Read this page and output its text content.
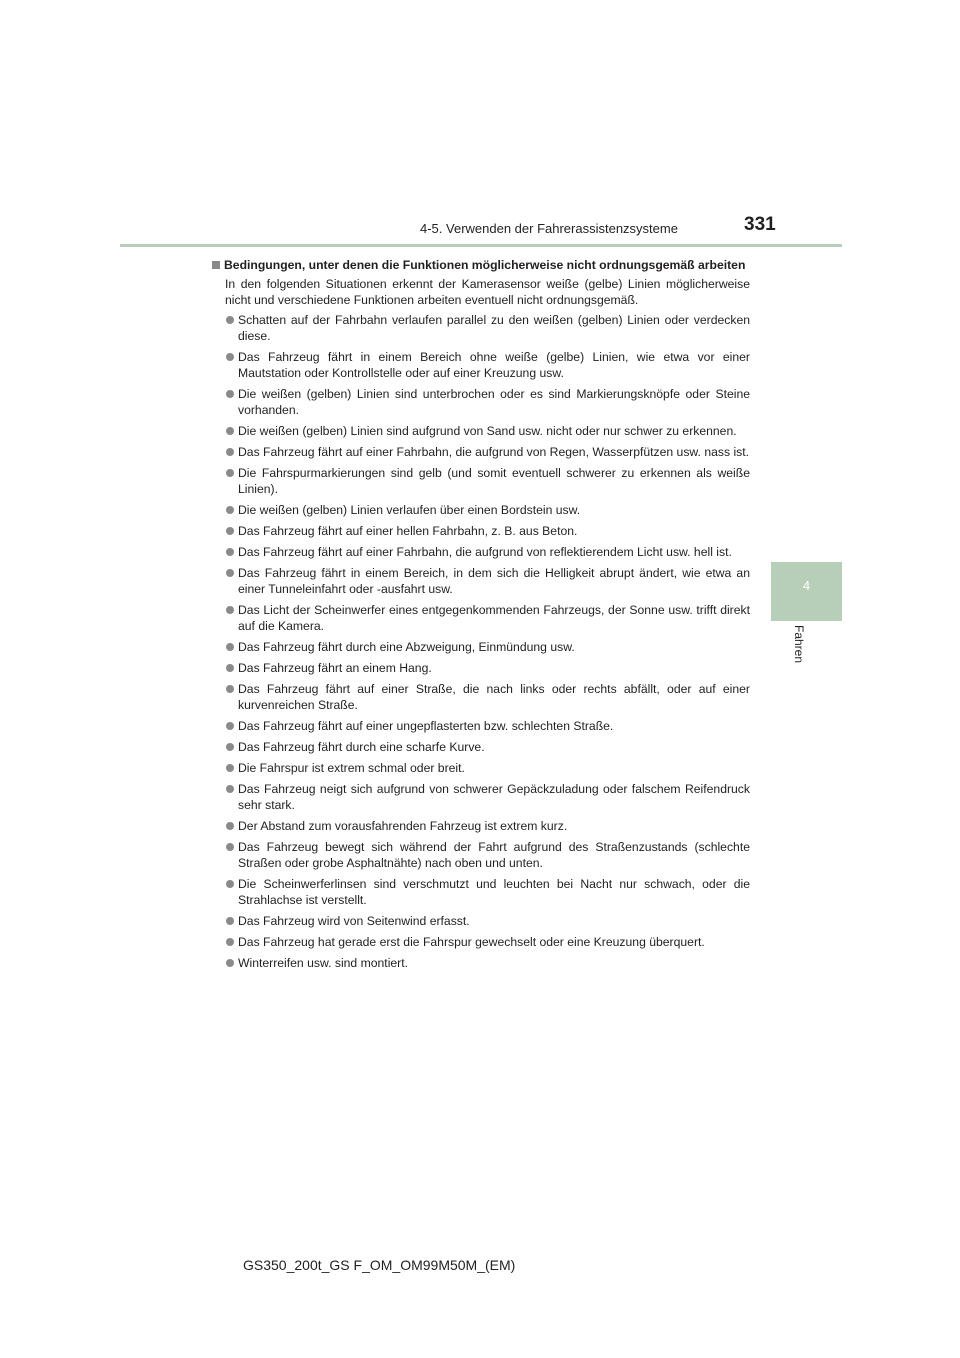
4-5. Verwenden der Fahrerassistenzsysteme	331
4
Fahren
Bedingungen, unter denen die Funktionen möglicherweise nicht ordnungsgemäß arbeiten

In den folgenden Situationen erkennt der Kamerasensor weiße (gelbe) Linien möglicherweise nicht und verschiedene Funktionen arbeiten eventuell nicht ordnungsgemäß.

Schatten auf der Fahrbahn verlaufen parallel zu den weißen (gelben) Linien oder verdecken diese.
Das Fahrzeug fährt in einem Bereich ohne weiße (gelbe) Linien, wie etwa vor einer Mautstation oder Kontrollstelle oder auf einer Kreuzung usw.
Die weißen (gelben) Linien sind unterbrochen oder es sind Markierungsknöpfe oder Steine vorhanden.
Die weißen (gelben) Linien sind aufgrund von Sand usw. nicht oder nur schwer zu erkennen.
Das Fahrzeug fährt auf einer Fahrbahn, die aufgrund von Regen, Wasserpfützen usw. nass ist.
Die Fahrspurmarkierungen sind gelb (und somit eventuell schwerer zu erkennen als weiße Linien).
Die weißen (gelben) Linien verlaufen über einen Bordstein usw.
Das Fahrzeug fährt auf einer hellen Fahrbahn, z. B. aus Beton.
Das Fahrzeug fährt auf einer Fahrbahn, die aufgrund von reflektierendem Licht usw. hell ist.
Das Fahrzeug fährt in einem Bereich, in dem sich die Helligkeit abrupt ändert, wie etwa an einer Tunneleinfahrt oder -ausfahrt usw.
Das Licht der Scheinwerfer eines entgegenkommenden Fahrzeugs, der Sonne usw. trifft direkt auf die Kamera.
Das Fahrzeug fährt durch eine Abzweigung, Einmündung usw.
Das Fahrzeug fährt an einem Hang.
Das Fahrzeug fährt auf einer Straße, die nach links oder rechts abfällt, oder auf einer kurvenreichen Straße.
Das Fahrzeug fährt auf einer ungepflasterten bzw. schlechten Straße.
Das Fahrzeug fährt durch eine scharfe Kurve.
Die Fahrspur ist extrem schmal oder breit.
Das Fahrzeug neigt sich aufgrund von schwerer Gepäckzuladung oder falschem Reifendruck sehr stark.
Der Abstand zum vorausfahrenden Fahrzeug ist extrem kurz.
Das Fahrzeug bewegt sich während der Fahrt aufgrund des Straßenzustands (schlechte Straßen oder grobe Asphaltnähte) nach oben und unten.
Die Scheinwerferlinsen sind verschmutzt und leuchten bei Nacht nur schwach, oder die Strahlachse ist verstellt.
Das Fahrzeug wird von Seitenwind erfasst.
Das Fahrzeug hat gerade erst die Fahrspur gewechselt oder eine Kreuzung überquert.
Winterreifen usw. sind montiert.
GS350_200t_GS F_OM_OM99M50M_(EM)
